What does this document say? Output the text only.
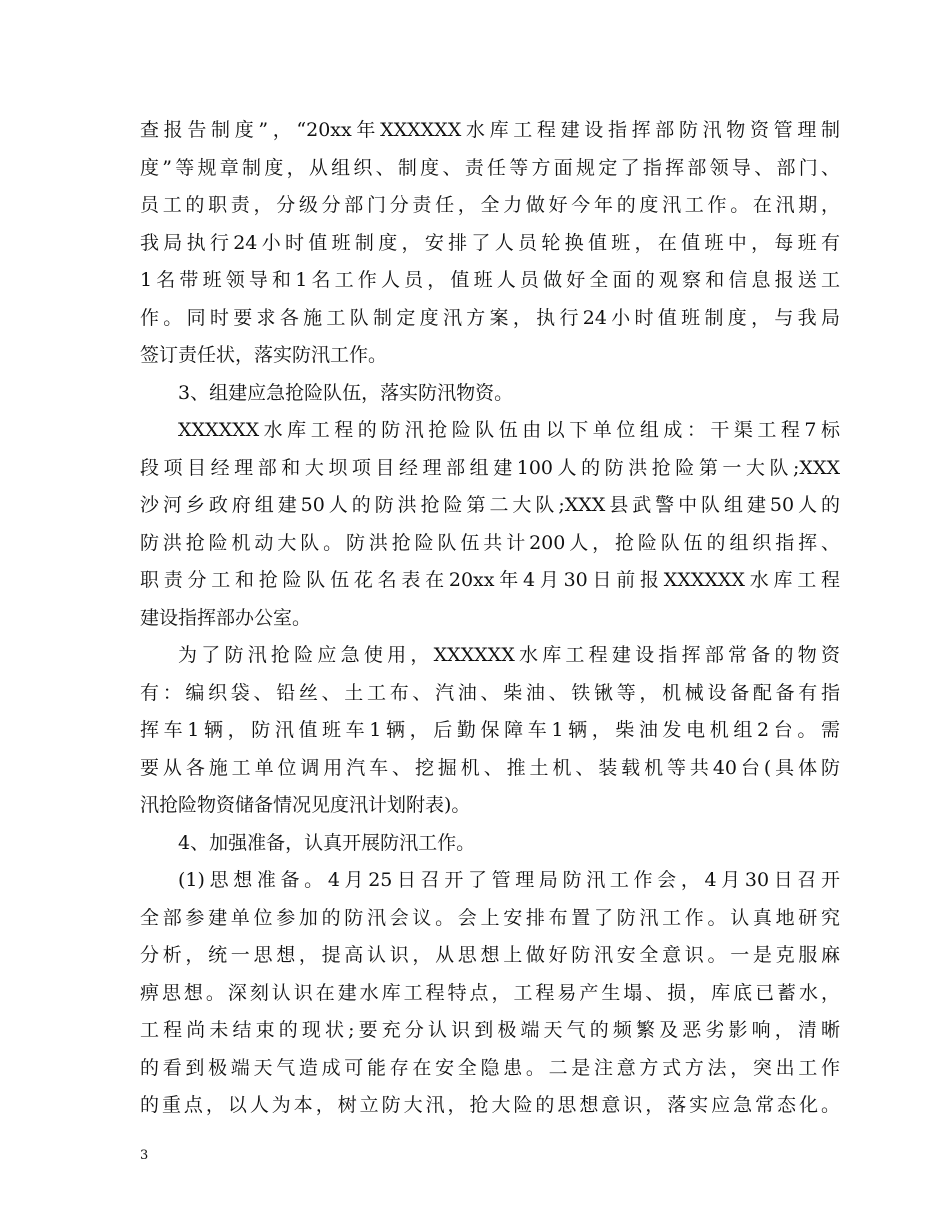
查报告制度”，“20xx年XXXXXX水库工程建设指挥部防汛物资管理制
度”等规章制度，从组织、制度、责任等方面规定了指挥部领导、部门、
员工的职责，分级分部门分责任，全力做好今年的度汛工作。在汛期，
我局执行24小时值班制度，安排了人员轮换值班，在值班中，每班有
1名带班领导和1名工作人员，值班人员做好全面的观察和信息报送工
作。同时要求各施工队制定度汛方案，执行24小时值班制度，与我局
签订责任状，落实防汛工作。
3、组建应急抢险队伍，落实防汛物资。
XXXXXX水库工程的防汛抢险队伍由以下单位组成：干渠工程7标
段项目经理部和大坝项目经理部组建100人的防洪抢险第一大队;XXX
沙河乡政府组建50人的防洪抢险第二大队;XXX县武警中队组建50人的
防洪抢险机动大队。防洪抢险队伍共计200人，抢险队伍的组织指挥、
职责分工和抢险队伍花名表在20xx年4月30日前报XXXXXX水库工程
建设指挥部办公室。
为了防汛抢险应急使用，XXXXXX水库工程建设指挥部常备的物资
有：编织袋、铅丝、土工布、汽油、柴油、铁锹等，机械设备配备有指
挥车1辆，防汛值班车1辆，后勤保障车1辆，柴油发电机组2台。需
要从各施工单位调用汽车、挖掘机、推土机、装载机等共40台(具体防
汛抢险物资储备情况见度汛计划附表)。
4、加强准备，认真开展防汛工作。
(1)思想准备。4月25日召开了管理局防汛工作会，4月30日召开
全部参建单位参加的防汛会议。会上安排布置了防汛工作。认真地研究
分析，统一思想，提高认识，从思想上做好防汛安全意识。一是克服麻
痹思想。深刻认识在建水库工程特点，工程易产生塌、损，库底已蓄水，
工程尚未结束的现状;要充分认识到极端天气的频繁及恶劣影响，清晰
的看到极端天气造成可能存在安全隐患。二是注意方式方法，突出工作
的重点，以人为本，树立防大汛，抢大险的思想意识，落实应急常态化。
3
